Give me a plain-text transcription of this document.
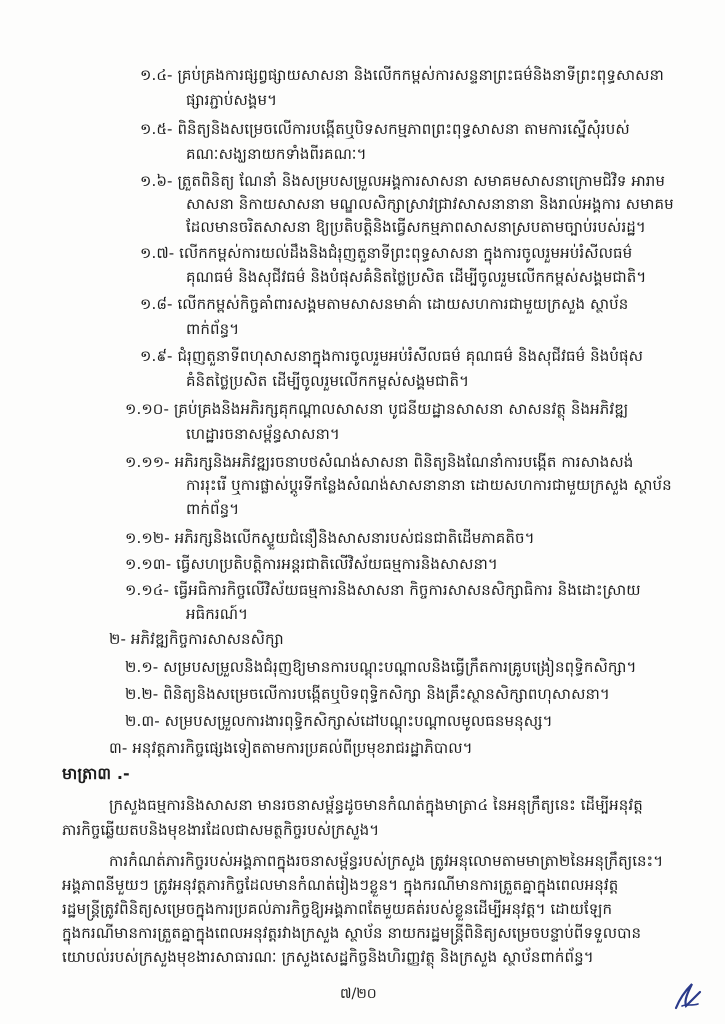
១.៤- គ្រប់គ្រងការផ្សព្វផ្សាយសាសនា និងលើកកម្ពស់ការសន្ទនាព្រះធម៌និងនាទីព្រះពុទ្ធសាសនា
ផ្សារភ្ជាប់សង្គម។
១.៥- ពិនិត្យនិងសម្រេចលើការបង្កើតឬបិទសកម្មភាពព្រះពុទ្ធសាសនា តាមការស្នើសុំរបស់
គណៈសង្ឃនាយកទាំងពីរគណៈ។
១.៦- ត្រួតពិនិត្យ ណែនាំ និងសម្របសម្រួលអង្គការសាសនា សមាគមសាសនាក្រោមជិវិទ អារាម
សាសនា និកាយសាសនា មណ្ឌលសិក្សាស្រាវជ្រាវសាសនានានា និងរាល់អង្គការ សមាគម
ដែលមានចរិតសាសនា ឱ្យប្រតិបត្តិនិងធ្វើសកម្មភាពសាសនាស្របតាមច្បាប់របស់រដ្ឋ។
១.៧- លើកកម្ពស់ការយល់ដឹងនិងជំរុញតួនាទីព្រះពុទ្ធសាសនា ក្នុងការចូលរួមអប់រំសីលធម៌
គុណធម៌ និងសុជីវធម៌ និងបំផុសគំនិតថ្លៃប្រសិត ដើម្បីចូលរួមលើកកម្ពស់សង្គមជាតិ។
១.៨- លើកកម្ពស់កិច្ចគាំពារសង្គមតាមសាសនមាគ៌ា ដោយសហការជាមួយក្រសួង ស្ថាប័ន
ពាក់ព័ន្ធ។
១.៩- ជំរុញតួនាទីពហុសាសនាក្នុងការចូលរួមអប់រំសីលធម៌ គុណធម៌ និងសុជីវធម៌ និងបំផុស
គំនិតថ្លៃប្រសិត ដើម្បីចូលរួមលើកកម្ពស់សង្គមជាតិ។
១.១០- គ្រប់គ្រងនិងអភិរក្សគុកណ្តាលសាសនា បូជនីយដ្ឋានសាសនា សាសនវត្ថុ និងអភិវឌ្ឍ
ហេដ្ឋារចនាសម្ព័ន្ធសាសនា។
១.១១- អភិរក្សនិងអភិវឌ្ឍរចនាបថសំណង់សាសនា ពិនិត្យនិងណែនាំការបង្កើត ការសាងសង់
ការរុះរើ ឬការផ្លាស់ប្តូរទីកន្លែងសំណង់សាសនានានា ដោយសហការជាមួយក្រសួង ស្ថាប័ន
ពាក់ព័ន្ធ។
១.១២- អភិរក្សនិងលើកស្ទួយជំនឿនិងសាសនារបស់ជនជាតិដើមភាគតិច។
១.១៣- ធ្វើសហប្រតិបត្តិការអន្តរជាតិលើវិស័យធម្មការនិងសាសនា។
១.១៤- ធ្វើអធិការកិច្ចលើវិស័យធម្មការនិងសាសនា កិច្ចការសាសនសិក្សាធិការ និងដោះស្រាយ
អធិករណ៍។
២- អភិវឌ្ឍកិច្ចការសាសនសិក្សា
២.១- សម្របសម្រួលនិងជំរុញឱ្យមានការបណ្តុះបណ្តាលនិងធ្វើក្រឹតការគ្រូបង្រៀនពុទ្ធិកសិក្សា។
២.២- ពិនិត្យនិងសម្រេចលើការបង្កើតឬបិទពុទ្ធិកសិក្សា និងគ្រឹះស្ថានសិក្សាពហុសាសនា។
២.៣- សម្របសម្រួលការងារពុទ្ធិកសិក្សាស់ដៅបណ្តុះបណ្តាលមូលធនមនុស្ស។
៣- អនុវត្តភារកិច្ចផ្សេងទៀតតាមការប្រគល់ពីប្រមុខរាជរដ្ឋាភិបាល។
មាត្រា៣ .-
ក្រសួងធម្មការនិងសាសនា មានរចនាសម្ព័ន្ធដូចមានកំណត់ក្នុងមាត្រា៤ នៃអនុក្រឹត្យនេះ ដើម្បីអនុវត្ត
ភារកិច្ចឆ្លើយតបនិងមុខងារដែលជាសមត្ថកិច្ចរបស់ក្រសួង។
ការកំណត់ភារកិច្ចរបស់អង្គភាពក្នុងរចនាសម្ព័ន្ធរបស់ក្រសួង ត្រូវអនុលោមតាមមាត្រា២នៃអនុក្រឹត្យនេះ។
អង្គភាពនីមួយៗ ត្រូវអនុវត្តភារកិច្ចដែលមានកំណត់រៀងៗខ្លួន។ ក្នុងករណីមានការត្រួតគ្នាក្នុងពេលអនុវត្ត
រដ្ឋមន្ត្រីត្រូវពិនិត្យសម្រេចក្នុងការប្រគល់ភារកិច្ចឱ្យអង្គភាពតែមួយគត់របស់ខ្លួនដើម្បីអនុវត្ត។ ដោយឡែក
ក្នុងករណីមានការត្រួតគ្នាក្នុងពេលអនុវត្តរវាងក្រសួង ស្ថាប័ន នាយករដ្ឋមន្ត្រីពិនិត្យសម្រេចបន្ទាប់ពីទទួលបាន
យោបល់របស់ក្រសួងមុខងារសាធារណៈ ក្រសួងសេដ្ឋកិច្ចនិងហិរញ្ញវត្ថុ និងក្រសួង ស្ថាប័នពាក់ព័ន្ធ។
៧/២០
